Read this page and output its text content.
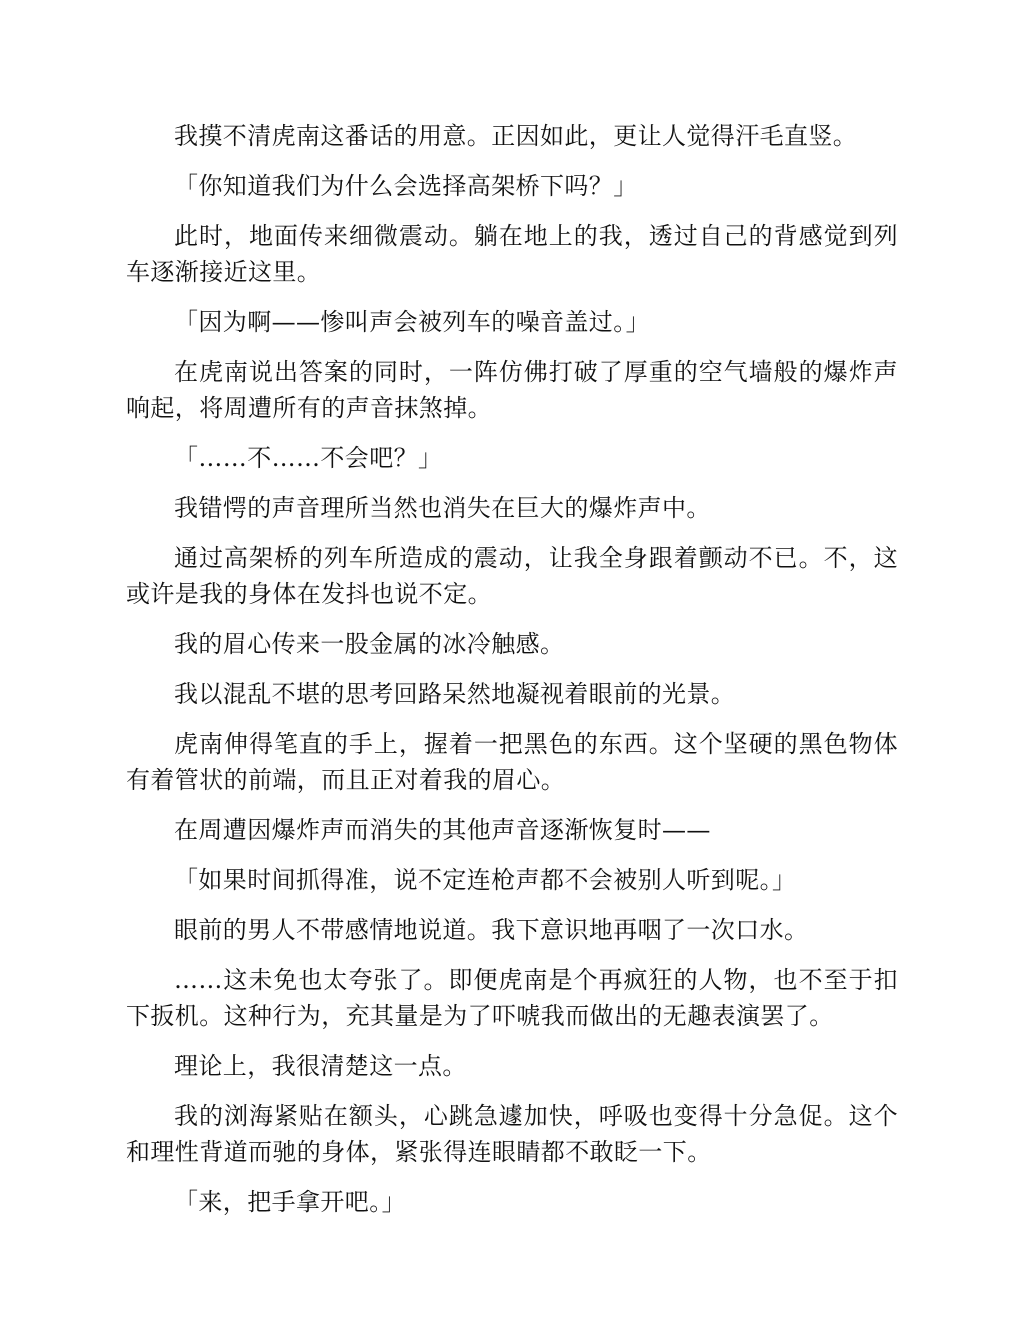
我摸不清虎南这番话的用意。正因如此，更让人觉得汗毛直竖。

「你知道我们为什么会选择高架桥下吗？」

此时，地面传来细微震动。躺在地上的我，透过自己的背感觉到列车逐渐接近这里。

「因为啊——惨叫声会被列车的噪音盖过。」

在虎南说出答案的同时，一阵仿佛打破了厚重的空气墙般的爆炸声响起，将周遭所有的声音抹煞掉。

「……不……不会吧？」

我错愕的声音理所当然也消失在巨大的爆炸声中。

通过高架桥的列车所造成的震动，让我全身跟着颤动不已。不，这或许是我的身体在发抖也说不定。

我的眉心传来一股金属的冰冷触感。

我以混乱不堪的思考回路呆然地凝视着眼前的光景。

虎南伸得笔直的手上，握着一把黑色的东西。这个坚硬的黑色物体有着管状的前端，而且正对着我的眉心。

在周遭因爆炸声而消失的其他声音逐渐恢复时——

「如果时间抓得准，说不定连枪声都不会被别人听到呢。」

眼前的男人不带感情地说道。我下意识地再咽了一次口水。

……这未免也太夸张了。即便虎南是个再疯狂的人物，也不至于扣下扳机。这种行为，充其量是为了吓唬我而做出的无趣表演罢了。

理论上，我很清楚这一点。

我的浏海紧贴在额头，心跳急遽加快，呼吸也变得十分急促。这个和理性背道而驰的身体，紧张得连眼睛都不敢眨一下。

「来，把手拿开吧。」
